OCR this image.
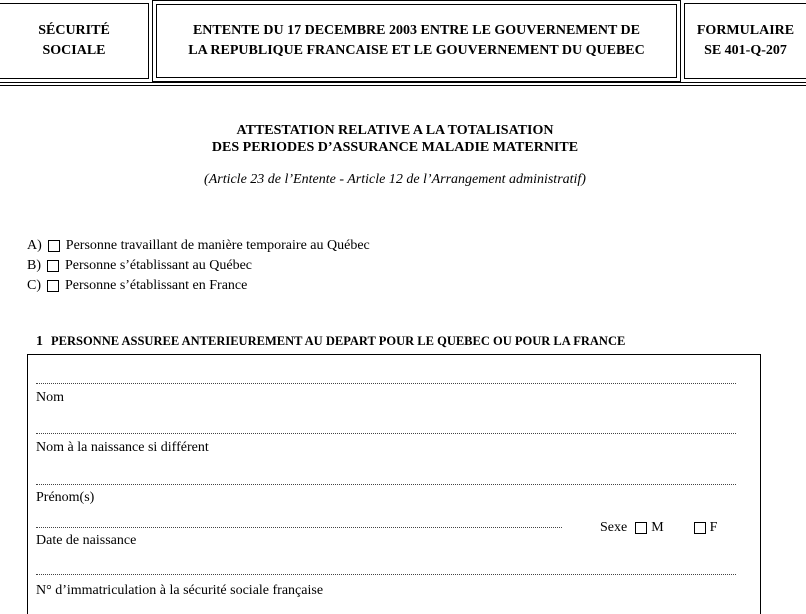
SÉCURITÉ
SOCIALE
ENTENTE DU 17 DECEMBRE 2003 ENTRE LE GOUVERNEMENT DE
LA REPUBLIQUE FRANCAISE ET LE GOUVERNEMENT DU QUEBEC
FORMULAIRE
SE 401-Q-207
ATTESTATION RELATIVE A LA TOTALISATION
DES PERIODES D’ASSURANCE MALADIE MATERNITE
(Article 23 de l’Entente - Article 12 de l’Arrangement administratif)
A) Personne travaillant de manière temporaire au Québec
B) Personne s’établissant au Québec
C) Personne s’établissant en France
1 PERSONNE ASSUREE ANTERIEUREMENT AU DEPART POUR LE QUEBEC OU POUR LA FRANCE
Nom
Nom à la naissance si différent
Prénom(s)
Date de naissance
Sexe M	F
N° d’immatriculation à la sécurité sociale française
